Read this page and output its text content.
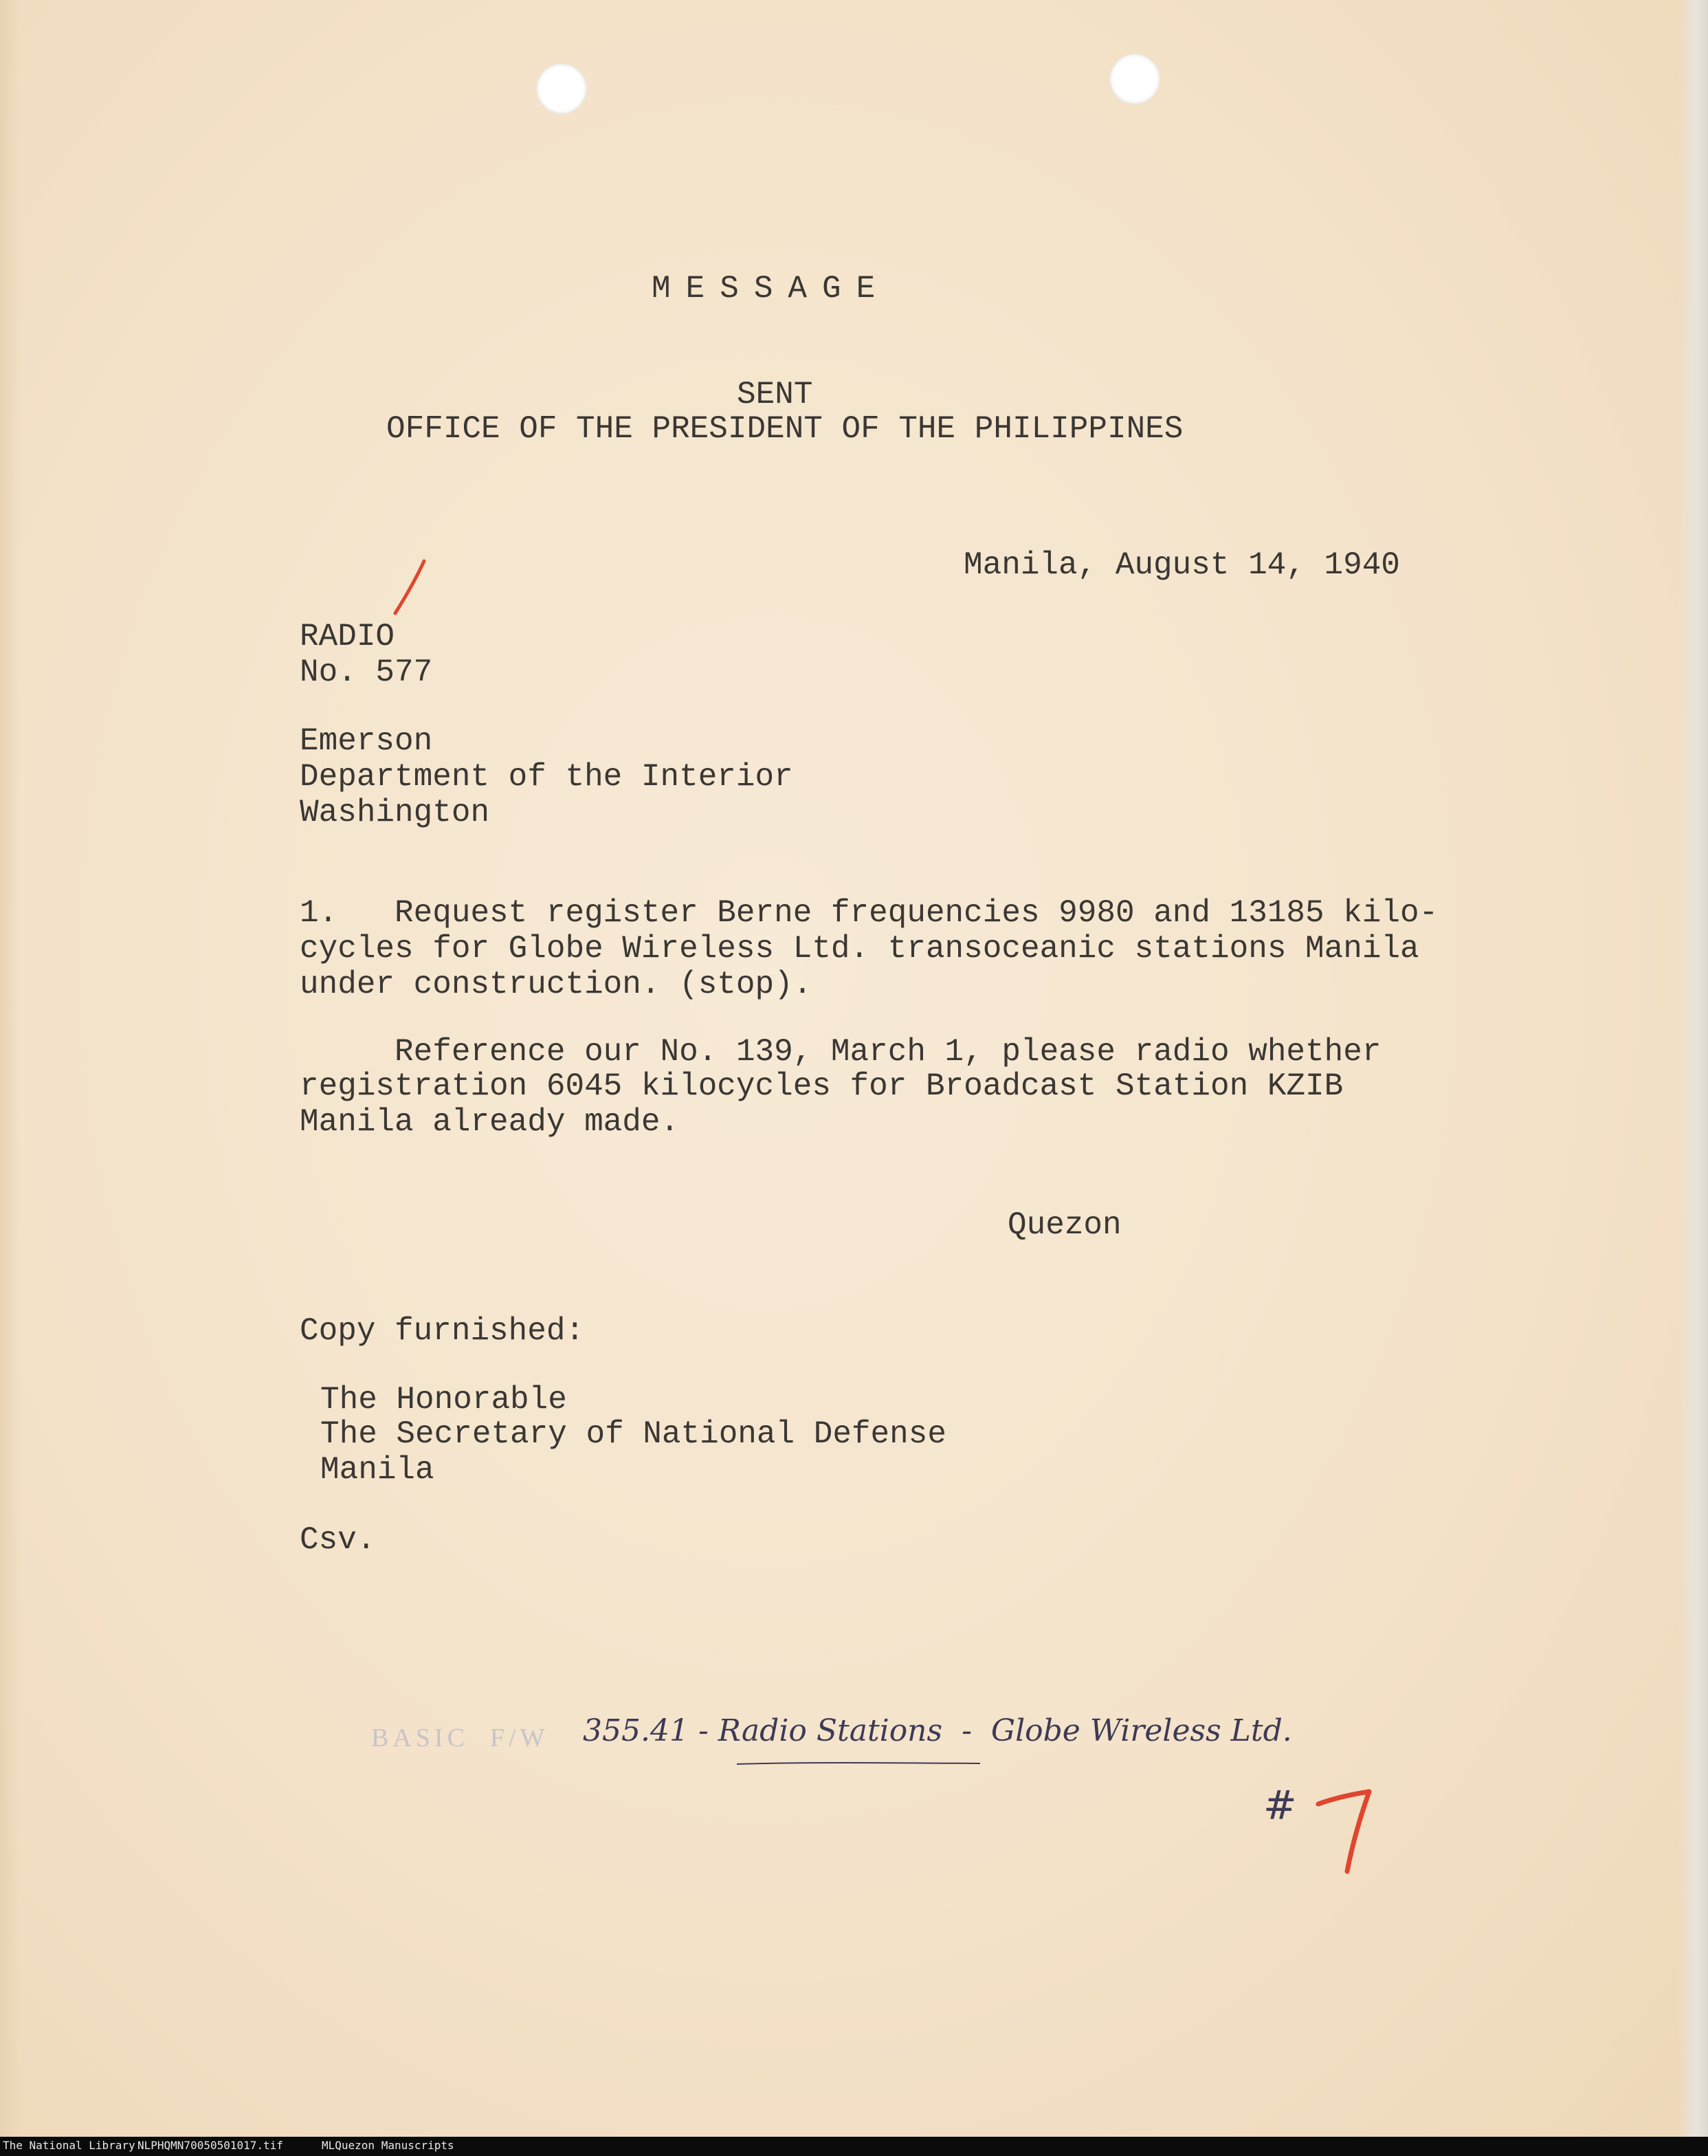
MESSAGE
SENT
OFFICE OF THE PRESIDENT OF THE PHILIPPINES
Manila, August 14, 1940
RADIO
No. 577
Emerson
Department of the Interior
Washington
1.   Request register Berne frequencies 9980 and 13185 kilo-
cycles for Globe Wireless Ltd. transoceanic stations Manila
under construction. (stop).
Reference our No. 139, March 1, please radio whether
registration 6045 kilocycles for Broadcast Station KZIB
Manila already made.
Quezon
Copy furnished:
The Honorable
The Secretary of National Defense
Manila
Csv.
BASIC  F/W 355.41 - Radio Stations  -  Globe Wireless Ltd.
#
The National Library NLPHQMN70050501017.tif	MLQuezon Manuscripts
